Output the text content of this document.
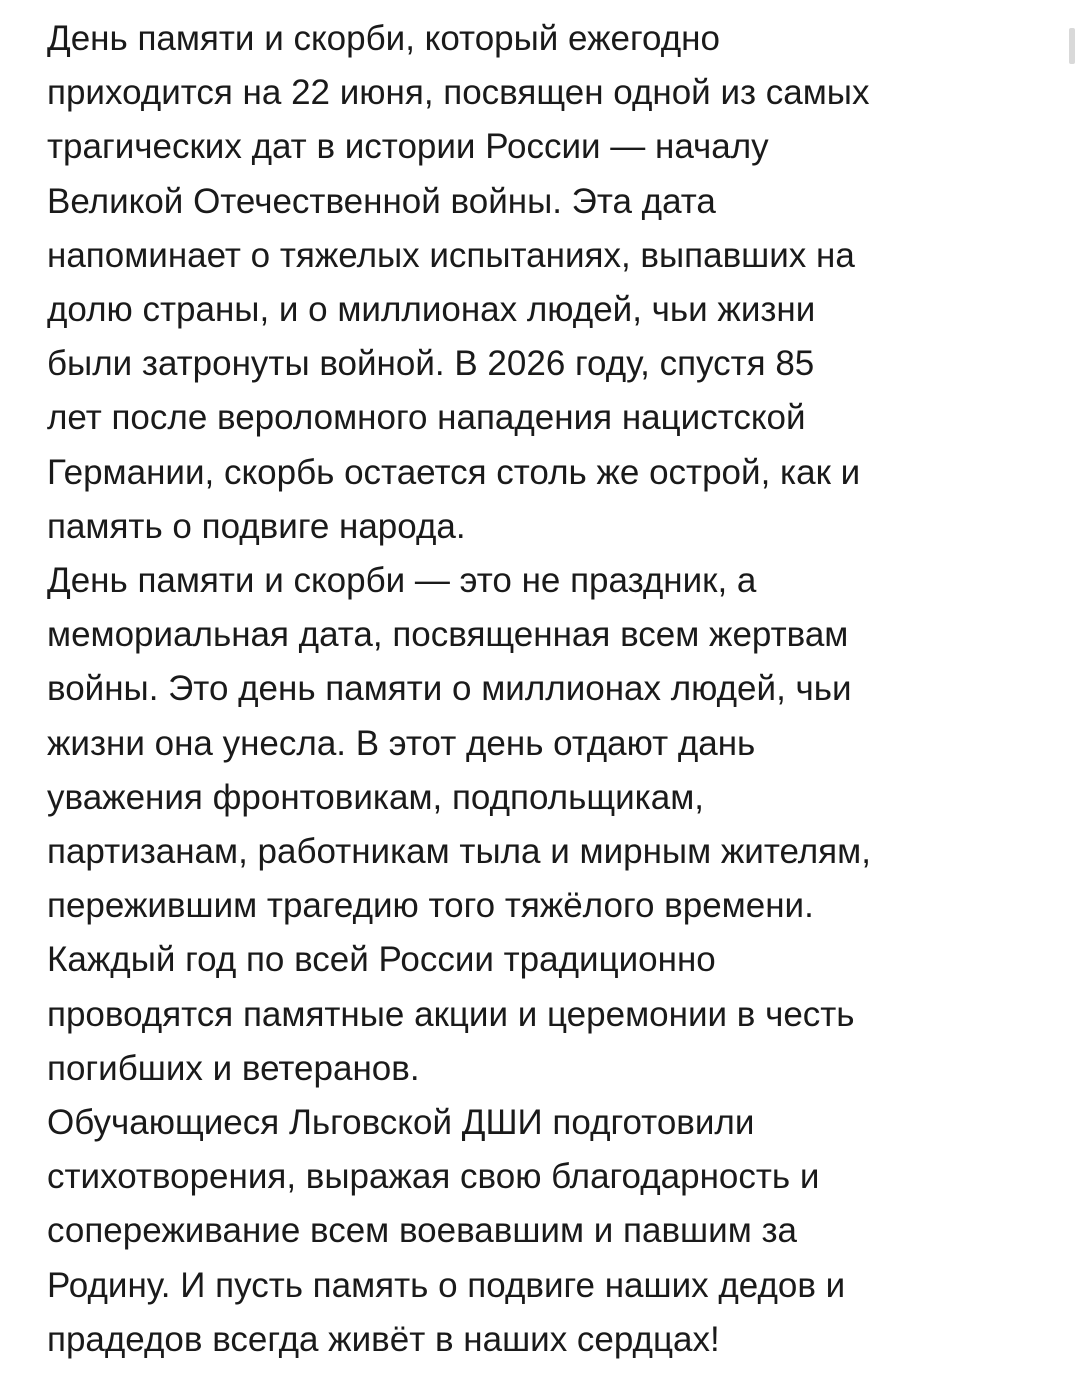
День памяти и скорби, который ежегодно
приходится на 22 июня, посвящен одной из самых
трагических дат в истории России — началу
Великой Отечественной войны. Эта дата
напоминает о тяжелых испытаниях, выпавших на
долю страны, и о миллионах людей, чьи жизни
были затронуты войной. В 2026 году, спустя 85
лет после вероломного нападения нацистской
Германии, скорбь остается столь же острой, как и
память о подвиге народа.
День памяти и скорби — это не праздник, а
мемориальная дата, посвященная всем жертвам
войны. Это день памяти о миллионах людей, чьи
жизни она унесла. В этот день отдают дань
уважения фронтовикам, подпольщикам,
партизанам, работникам тыла и мирным жителям,
пережившим трагедию того тяжёлого времени.
Каждый год по всей России традиционно
проводятся памятные акции и церемонии в честь
погибших и ветеранов.
Обучающиеся Льговской ДШИ подготовили
стихотворения, выражая свою благодарность и
сопереживание всем воевавшим и павшим за
Родину. И пусть память о подвиге наших дедов и
прадедов всегда живёт в наших сердцах!
